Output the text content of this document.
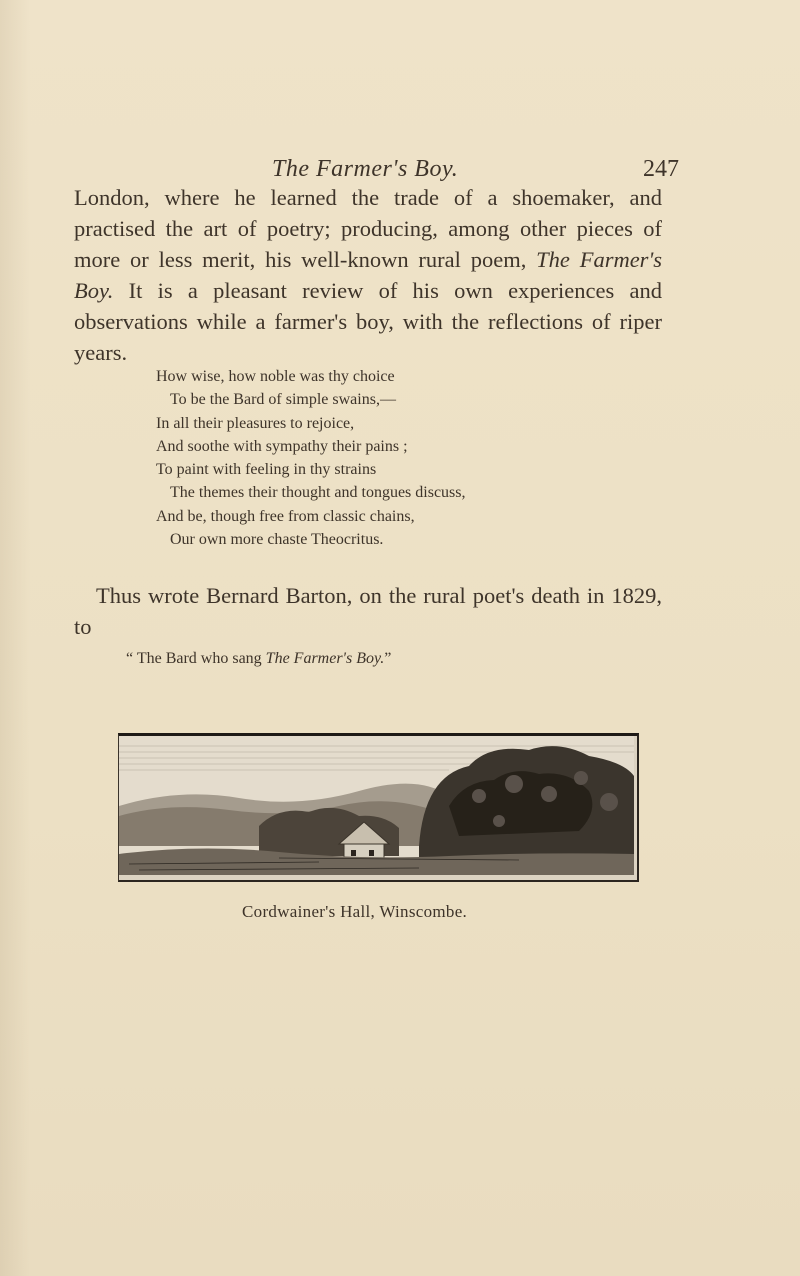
The Farmer's Boy.	247

London, where he learned the trade of a shoemaker, and practised the art of poetry; producing, among other pieces of more or less merit, his well-known rural poem, The Farmer's Boy. It is a pleasant review of his own experiences and observations while a farmer's boy, with the reflections of riper years.

How wise, how noble was thy choice
To be the Bard of simple swains,—
In all their pleasures to rejoice,
And soothe with sympathy their pains ;
To paint with feeling in thy strains
The themes their thought and tongues discuss,
And be, though free from classic chains,
Our own more chaste Theocritus.

Thus wrote Bernard Barton, on the rural poet's death in 1829, to

“ The Bard who sang The Farmer's Boy.”
Cordwainer's Hall, Winscombe.
